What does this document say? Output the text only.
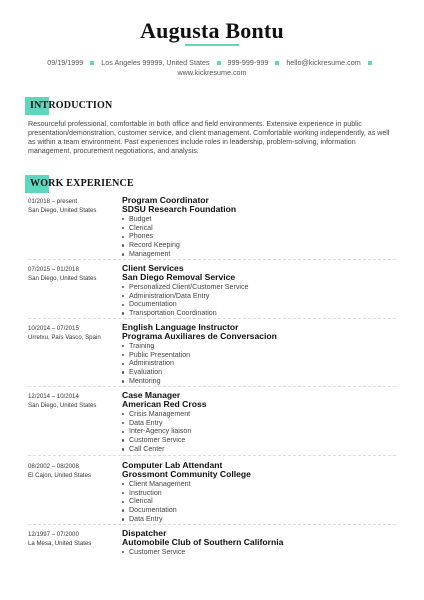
Augusta Bontu
09/19/1999	Los Angeles 99999, United States	999-999-999	hello@kickresume.com
www.kickresume.com
INTRODUCTION
Resourceful professional, comfortable in both office and field environments. Extensive experience in public presentation/demonstration, customer service, and client management. Comfortable working independently, as well as within a team environment. Past experiences include roles in leadership, problem-solving, information management, procurement negotiations, and analysis.
WORK EXPERIENCE
01/2018 – present
San Diego, United States
Program Coordinator
SDSU Research Foundation
Budget
Clerical
Phones
Record Keeping
Management
07/2015 – 01/2018
San Diego, United States
Client Services
San Diego Removal Service
Personalized Client/Customer Service
Administration/Data Entry
Documentation
Transportation Coordination
10/2014 – 07/2015
Urretxu, País Vasco, Spain
English Language Instructor
Programa Auxiliares de Conversacion
Training
Public Presentation
Administration
Evaluation
Mentoring
12/2014 – 10/2014
San Diego, United States
Case Manager
American Red Cross
Crisis Management
Data Entry
Inter-Agency liaison
Customer Service
Call Center
08/2002 – 08/2008
El Cajon, United States
Computer Lab Attendant
Grossmont Community College
Client Management
Instruction
Clerical
Documentation
Data Entry
12/1997 – 07/2000
La Mesa, United States
Dispatcher
Automobile Club of Southern California
Customer Service
